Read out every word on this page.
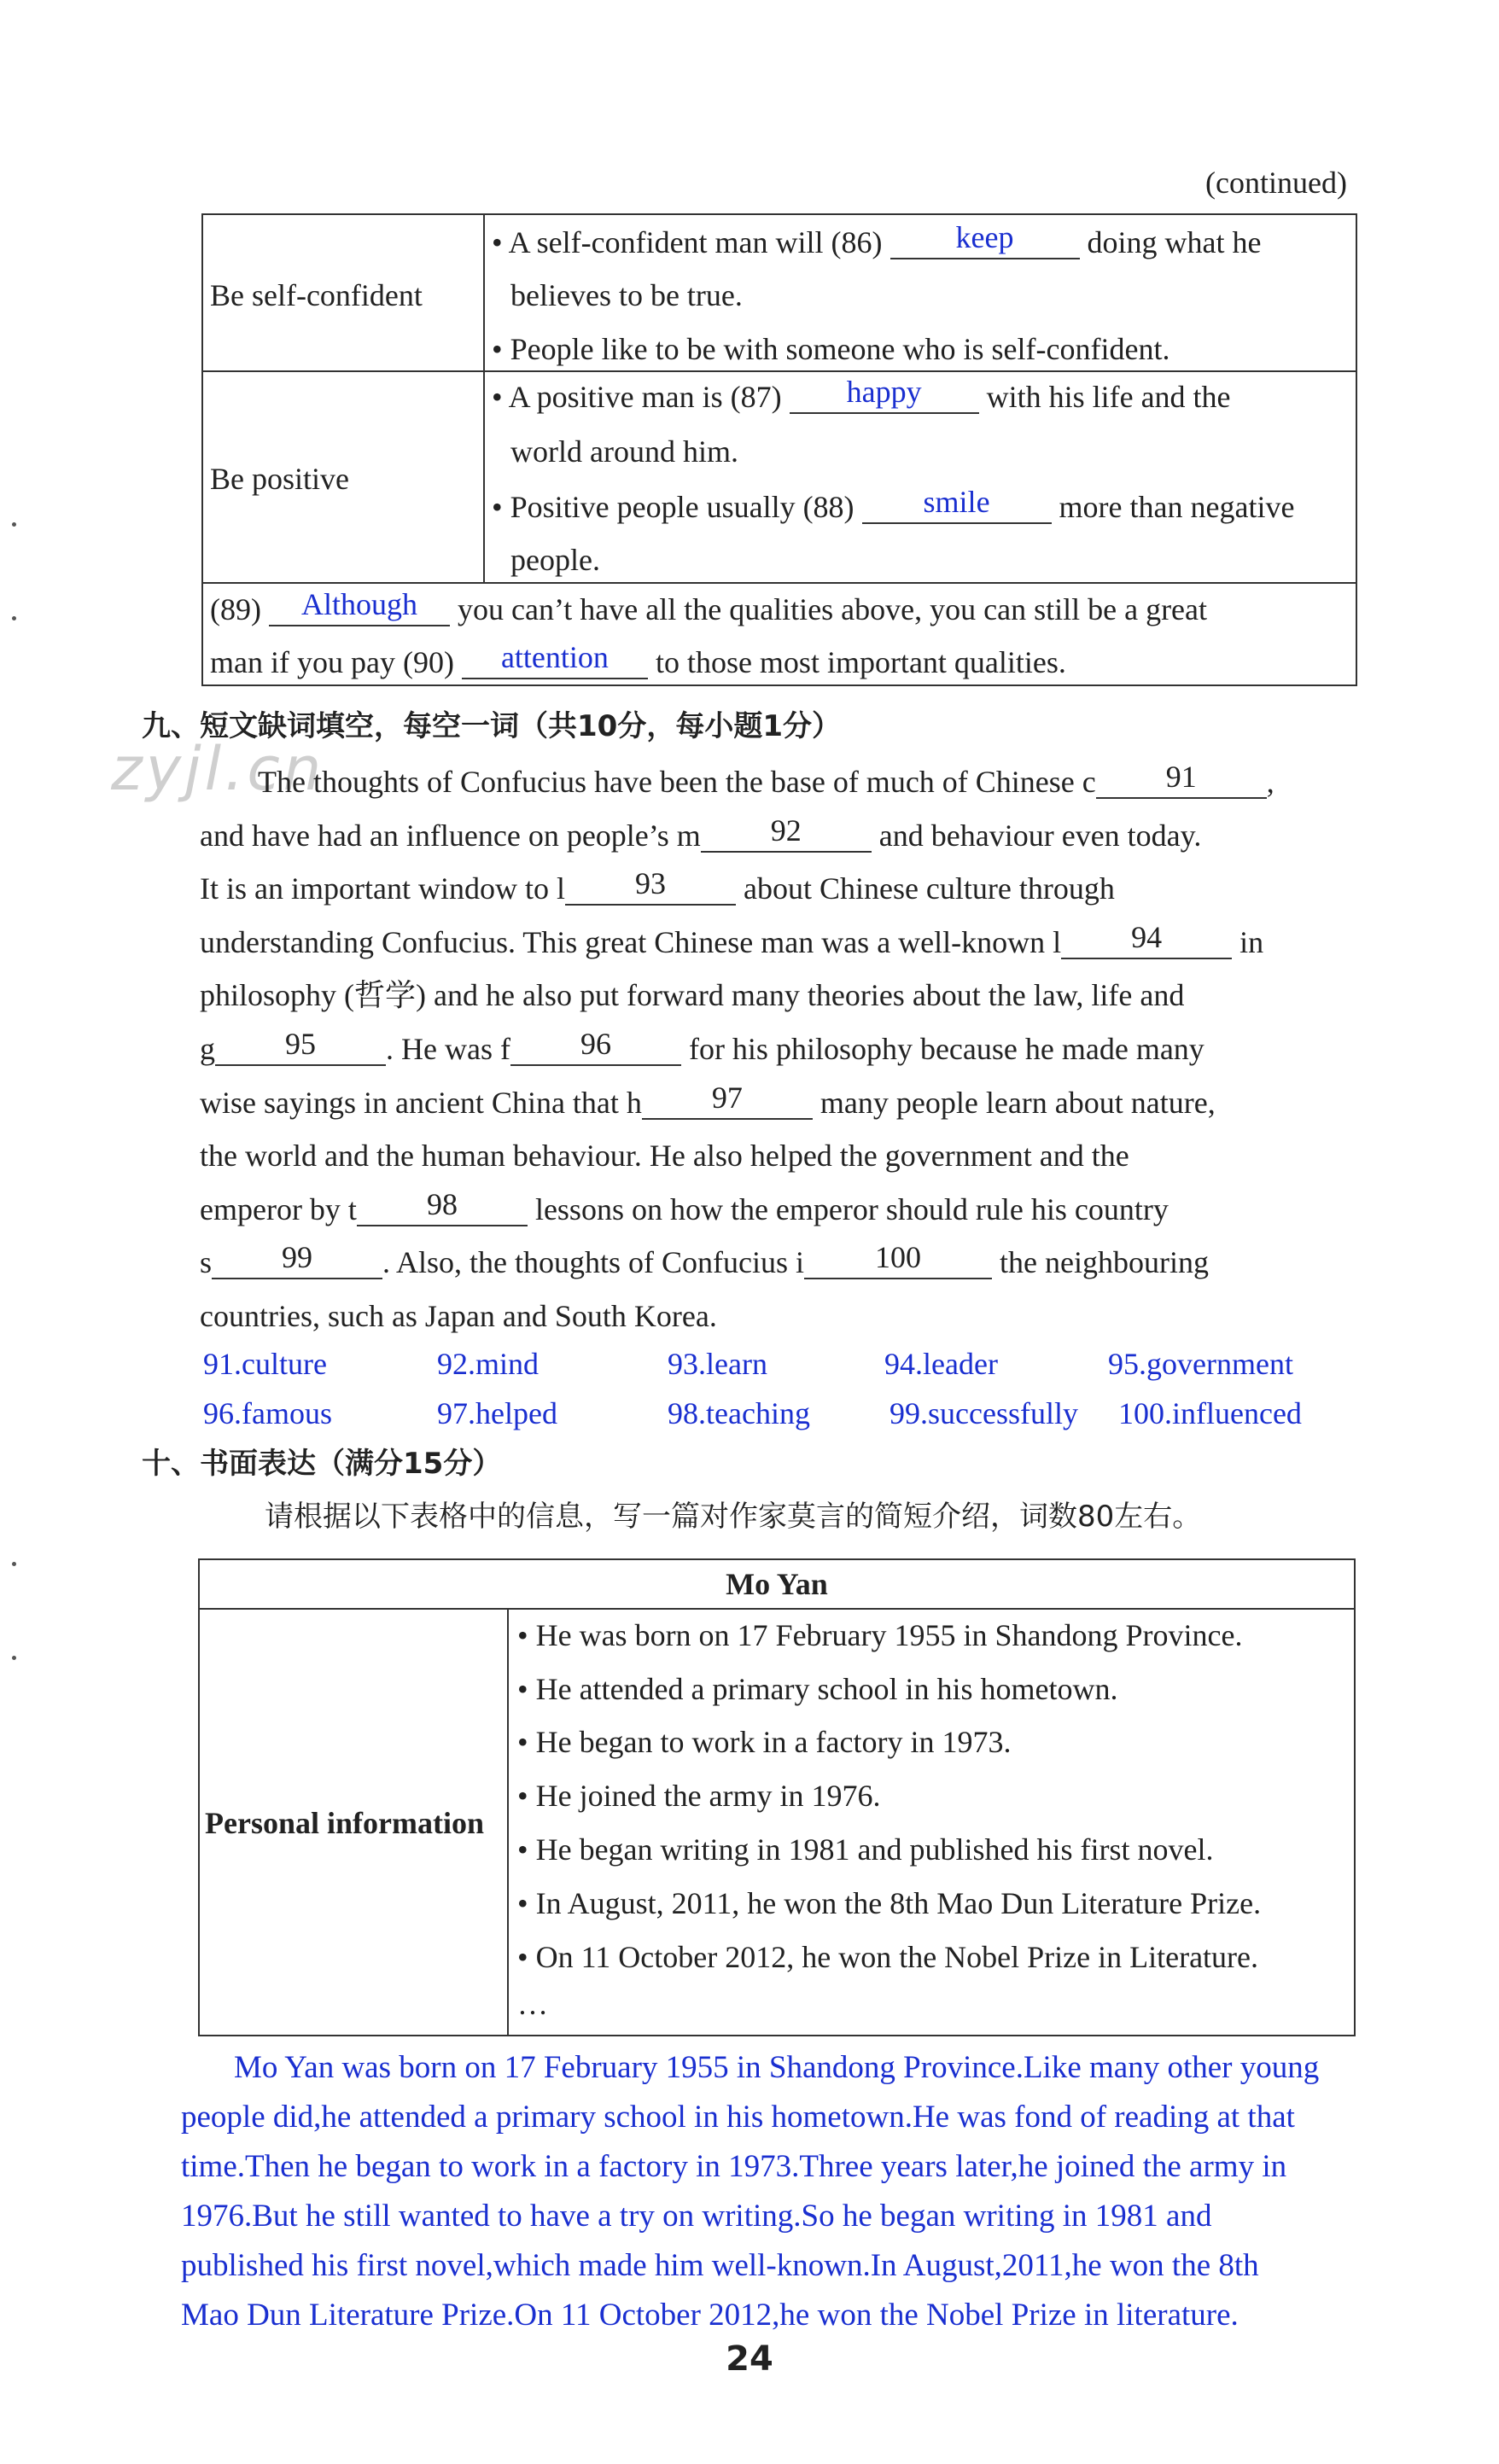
(continued)
Be self-confident
• A self-confident man will (86) keep doing what he
believes to be true.
• People like to be with someone who is self-confident.
Be positive
• A positive man is (87) happy with his life and the
world around him.
• Positive people usually (88) smile more than negative
people.
(89) Although you can’t have all the qualities above, you can still be a great
man if you pay (90) attention to those most important qualities.
zyjl.cn
九、短文缺词填空，每空一词（共10分，每小题1分）
The thoughts of Confucius have been the base of much of Chinese c 91 ,
and have had an influence on people’s m 92	and behaviour even today.
It is an important window to l 93	about Chinese culture through
understanding Confucius. This great Chinese man was a well-known l 94	in
philosophy (哲学) and he also put forward many theories about the law, life and
g 95 . He was f 96	for his philosophy because he made many
wise sayings in ancient China that h 97	many people learn about nature,
the world and the human behaviour. He also helped the government and the
emperor by t 98	lessons on how the emperor should rule his country
s 99 . Also, the thoughts of Confucius i 100	the neighbouring
countries, such as Japan and South Korea.
91.culture	92.mind	93.learn	94.leader	95.government
96.famous	97.helped	98.teaching	99.successfully 100.influenced
十、书面表达（满分15分）
请根据以下表格中的信息，写一篇对作家莫言的简短介绍，词数80左右。
Mo Yan
Personal information
• He was born on 17 February 1955 in Shandong Province.
• He attended a primary school in his hometown.
• He began to work in a factory in 1973.
• He joined the army in 1976.
• He began writing in 1981 and published his first novel.
• In August, 2011, he won the 8th Mao Dun Literature Prize.
• On 11 October 2012, he won the Nobel Prize in Literature.
…
Mo Yan was born on 17 February 1955 in Shandong Province.Like many other young
people did,he attended a primary school in his hometown.He was fond of reading at that
time.Then he began to work in a factory in 1973.Three years later,he joined the army in
1976.But he still wanted to have a try on writing.So he began writing in 1981 and
published his first novel,which made him well-known.In August,2011,he won the 8th
Mao Dun Literature Prize.On 11 October 2012,he won the Nobel Prize in literature.
24
